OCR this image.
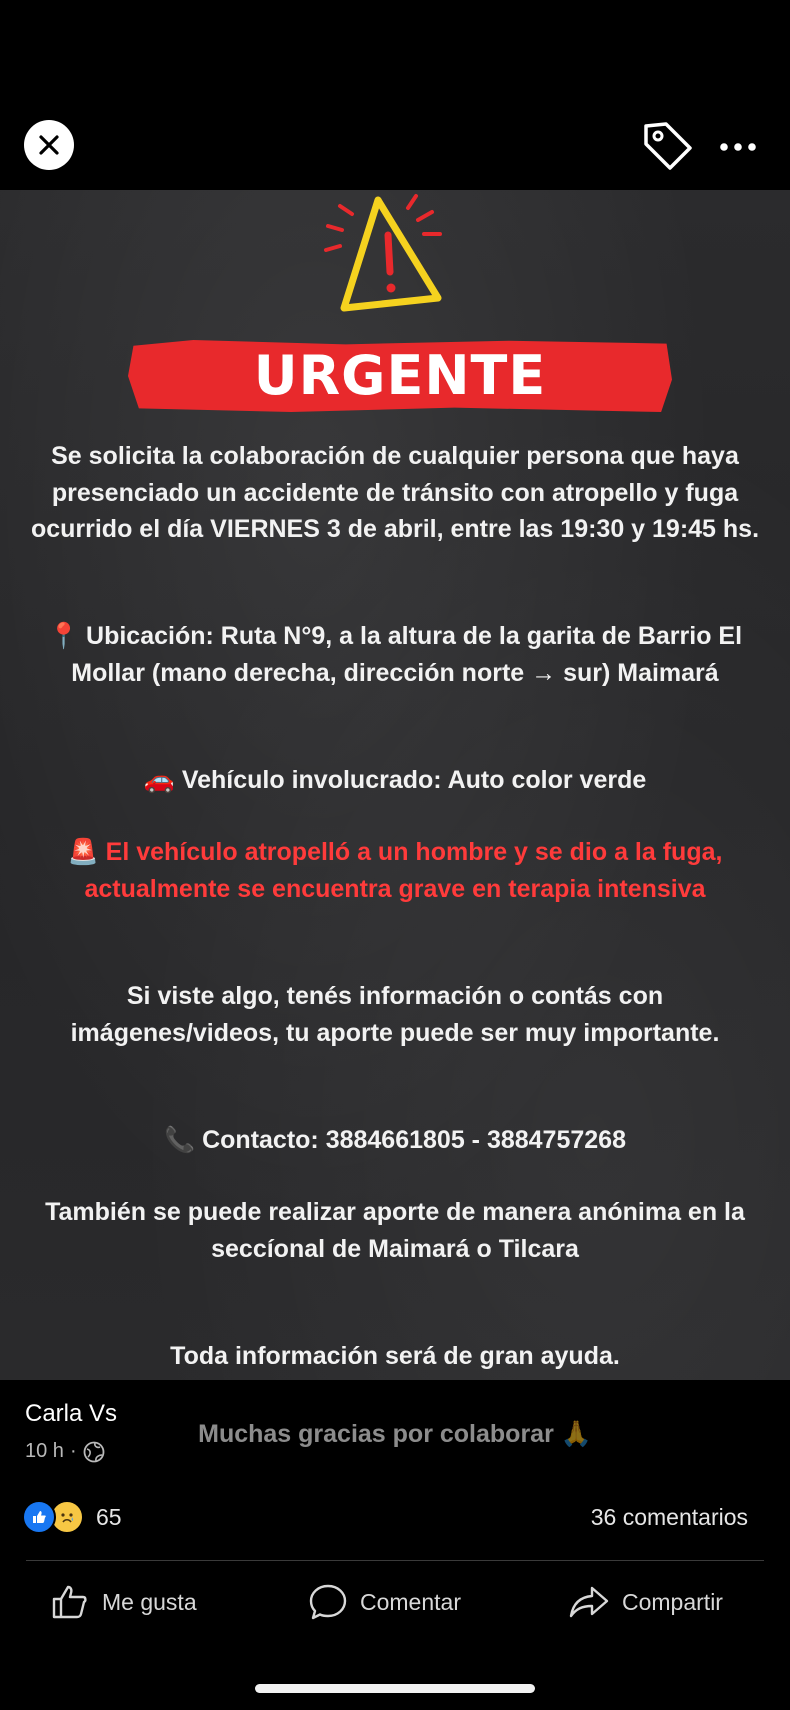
URGENTE
Se solicita la colaboración de cualquier persona que haya presenciado un accidente de tránsito con atropello y fuga ocurrido el día VIERNES 3 de abril, entre las 19:30 y 19:45 hs.
📍 Ubicación: Ruta N°9, a la altura de la garita de Barrio El Mollar (mano derecha, dirección norte → sur) Maimará
🚗 Vehículo involucrado: Auto color verde
🚨 El vehículo atropelló a un hombre y se dio a la fuga, actualmente se encuentra grave en terapia intensiva
Si viste algo, tenés información o contás con imágenes/videos, tu aporte puede ser muy importante.
📞 Contacto: 3884661805 - 3884757268
También se puede realizar aporte de manera anónima en la seccíonal de Maimará o Tilcara
Toda información será de gran ayuda.
Muchas gracias por colaborar 🙏
Carla Vs
10 h ·
65	36 comentarios
Me gusta	Comentar	Compartir
